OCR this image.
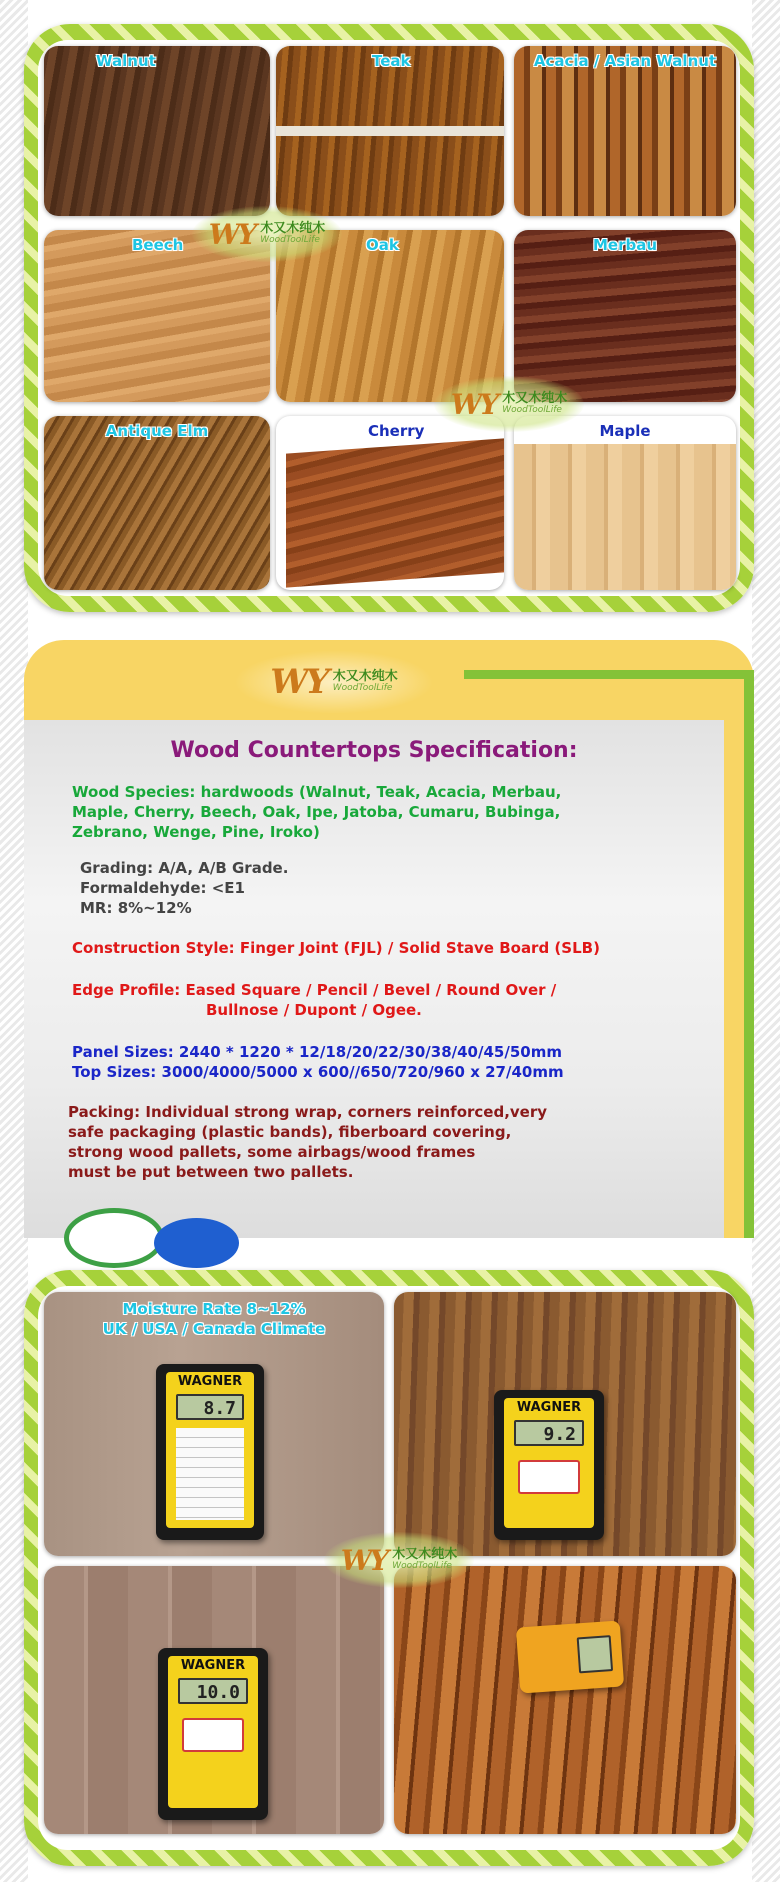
Walnut	Teak	Acacia / Asian Walnut
Beech	Oak	Merbau
Antique Elm	Cherry	Maple
WY 木又木纯木
WoodToolLife
WY 木又木纯木
WoodToolLife
WY 木又木纯木
WoodToolLife
Wood Countertops Specification:
Wood Species: hardwoods (Walnut, Teak, Acacia, Merbau,
Maple, Cherry, Beech, Oak, Ipe, Jatoba, Cumaru, Bubinga,
Zebrano, Wenge, Pine, Iroko)
Grading: A/A, A/B Grade.
Formaldehyde: <E1
MR: 8%~12%
Construction Style: Finger Joint (FJL) / Solid Stave Board (SLB)
Edge Profile: Eased Square / Pencil / Bevel / Round Over /
Bullnose / Dupont / Ogee.
Panel Sizes: 2440 * 1220 * 12/18/20/22/30/38/40/45/50mm
Top Sizes: 3000/4000/5000 x 600//650/720/960 x 27/40mm
Packing: Individual strong wrap, corners reinforced,very
safe packaging (plastic bands), fiberboard covering,
strong wood pallets, some airbags/wood frames
must be put between two pallets.
Moisture Rate 8~12%
UK / USA / Canada Climate
WAGNER
8.7	WAGNER
9.2
WAGNER
10.0
WY 木又木纯木
WoodToolLife
